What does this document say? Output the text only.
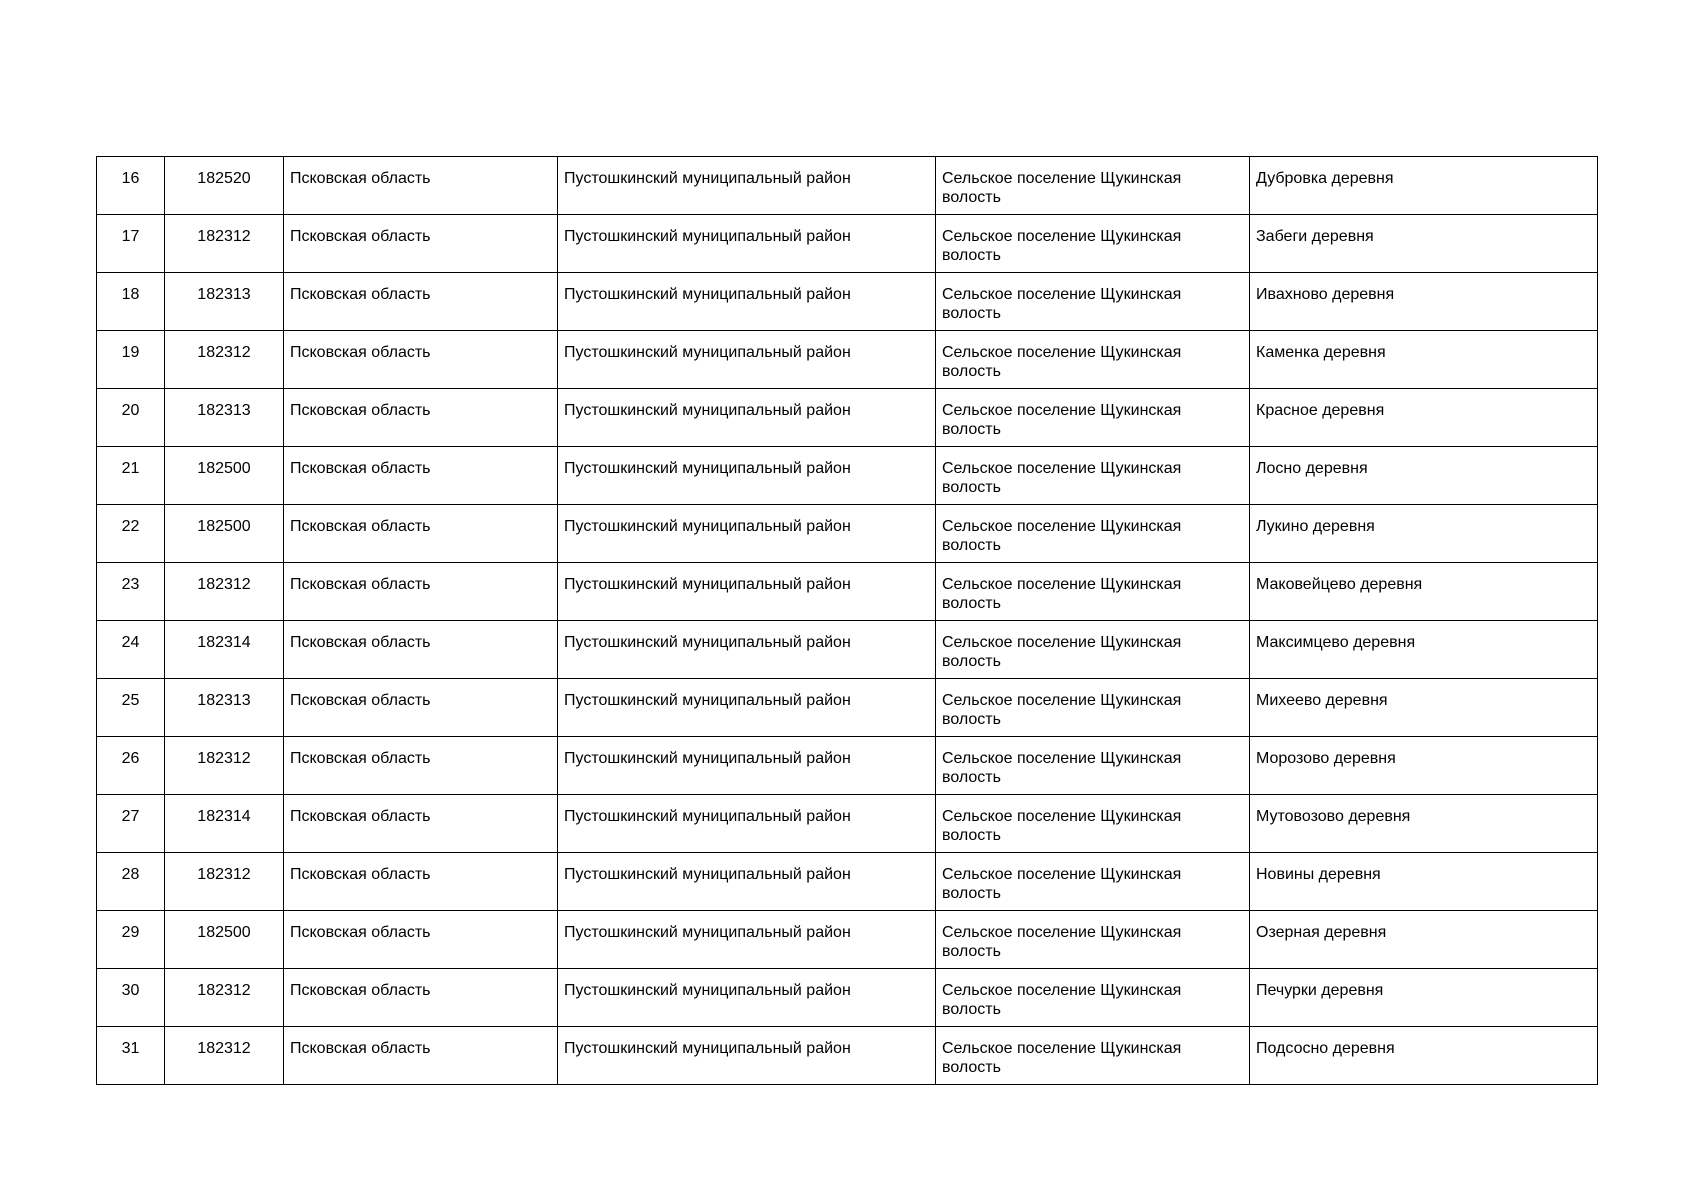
16	182520	Псковская область	Пустошкинский муниципальный район	Сельское поселение Щукинская волость	Дубровка деревня
17	182312	Псковская область	Пустошкинский муниципальный район	Сельское поселение Щукинская волость	Забеги деревня
18	182313	Псковская область	Пустошкинский муниципальный район	Сельское поселение Щукинская волость	Ивахново деревня
19	182312	Псковская область	Пустошкинский муниципальный район	Сельское поселение Щукинская волость	Каменка деревня
20	182313	Псковская область	Пустошкинский муниципальный район	Сельское поселение Щукинская волость	Красное деревня
21	182500	Псковская область	Пустошкинский муниципальный район	Сельское поселение Щукинская волость	Лосно деревня
22	182500	Псковская область	Пустошкинский муниципальный район	Сельское поселение Щукинская волость	Лукино деревня
23	182312	Псковская область	Пустошкинский муниципальный район	Сельское поселение Щукинская волость	Маковейцево деревня
24	182314	Псковская область	Пустошкинский муниципальный район	Сельское поселение Щукинская волость	Максимцево деревня
25	182313	Псковская область	Пустошкинский муниципальный район	Сельское поселение Щукинская волость	Михеево деревня
26	182312	Псковская область	Пустошкинский муниципальный район	Сельское поселение Щукинская волость	Морозово деревня
27	182314	Псковская область	Пустошкинский муниципальный район	Сельское поселение Щукинская волость	Мутовозово деревня
28	182312	Псковская область	Пустошкинский муниципальный район	Сельское поселение Щукинская волость	Новины деревня
29	182500	Псковская область	Пустошкинский муниципальный район	Сельское поселение Щукинская волость	Озерная деревня
30	182312	Псковская область	Пустошкинский муниципальный район	Сельское поселение Щукинская волость	Печурки деревня
31	182312	Псковская область	Пустошкинский муниципальный район	Сельское поселение Щукинская волость	Подсосно деревня
